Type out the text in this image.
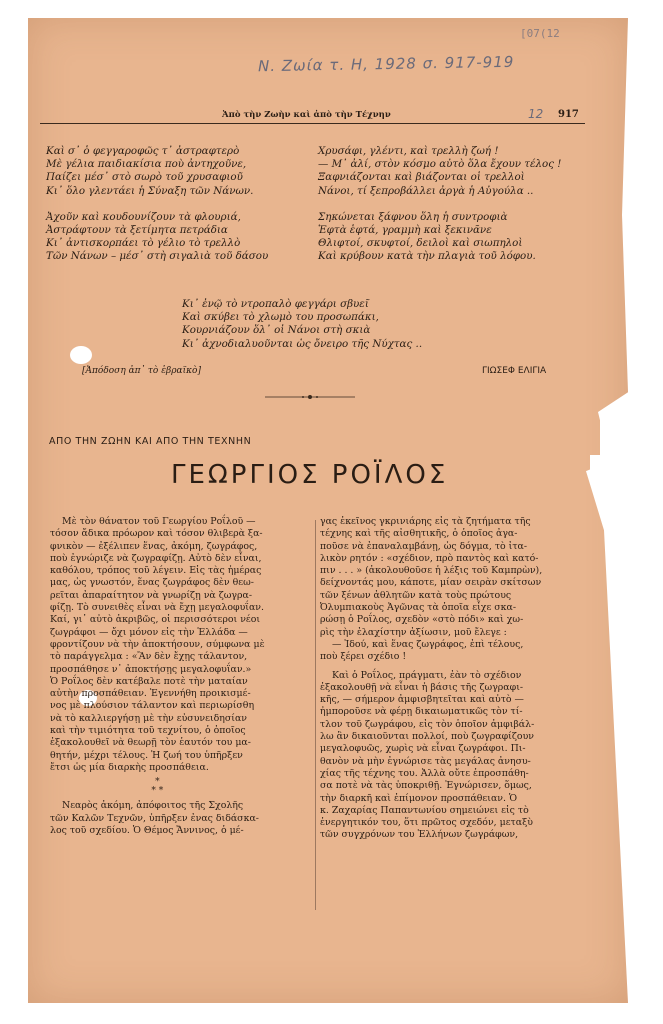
[07(12
N. Zωία τ. H, 1928 σ. 917-919
Ἀπὸ τὴν Ζωὴν καὶ ἀπὸ τὴν Τέχνην	12 917
Καὶ σ᾽ ὁ φεγγαροφῶς τ᾽ ἀστραφτερὸ
Μὲ γέλια παιδιακίσια ποὺ ἀντηχοῦνε,
Παίζει μέσ᾽ στὸ σωρὸ τοῦ χρυσαφιοῦ
Κι᾽ ὅλο γλεντάει ἡ Σύναξη τῶν Νάνων.
Ἀχοῦν καὶ κουδουνίζουν τὰ φλουριά,
Ἀστράφτουν τὰ ξετίμητα πετράδια
Κι᾽ ἀντισκορπάει τὸ γέλιο τὸ τρελλὸ
Τῶν Νάνων – μέσ᾽ στὴ σιγαλιὰ τοῦ δάσου
Χρυσάφι, γλέντι, καὶ τρελλὴ ζωή !
— Μ᾽ ἀλί, στὸν κόσμο αὐτὸ ὅλα ἔχουν τέλος !
Ξαφνιάζονται καὶ βιάζονται οἱ τρελλοὶ
Νάνοι, τί ξεπροβάλλει ἀργὰ ἡ Αὐγούλα ..
Σηκώνεται ξάφνου ὅλη ἡ συντροφιὰ
Ἑφτὰ ἑφτά, γραμμὴ καὶ ξεκινᾶνε
Θλιφτοί, σκυφτοί, δειλοὶ καὶ σιωπηλοὶ
Καὶ κρύβουν κατὰ τὴν πλαγιὰ τοῦ λόφου.
Κι᾽ ἐνῷ τὸ ντροπαλὸ φεγγάρι σβυεῖ
Καὶ σκύβει τὸ χλωμὸ του προσωπάκι,
Κουρνιάζουν ὅλ᾽ οἱ Νάνοι στὴ σκιὰ
Κι᾽ ἀχνοδιαλυοῦνται ὡς ὄνειρο τῆς Νύχτας ..
[Ἀπόδοση ἀπ᾽ τὸ ἑβραϊκὸ]	ΓΙΩΣΕΦ ΕΛΙΓΙΑ
ΑΠΟ ΤΗΝ ΖΩΗΝ ΚΑΙ ΑΠΟ ΤΗΝ ΤΕΧΝΗΝ
ΓΕΩΡΓΙΟΣ ΡΟΪΛΟΣ
Μὲ τὸν θάνατον τοῦ Γεωργίου Ροΐλοῦ —
τόσον ἄδικα πρόωρον καὶ τόσον θλιβερὰ ξα-
φνικὸν — ἐξέλιπεν ἕνας, ἀκόμη, ζωγράφος,
ποὺ ἐγνώριζε νὰ ζωγραφίζῃ. Αὐτὸ δὲν εἶναι,
καθόλου, τρόπος τοῦ λέγειν. Εἰς τὰς ἡμέρας
μας, ὡς γνωστόν, ἕνας ζωγράφος δὲν θεω-
ρεῖται ἀπαραίτητον νὰ γνωρίζῃ νὰ ζωγρα-
φίζῃ. Τὸ συνειθὲς εἶναι νὰ ἔχῃ μεγαλοφυΐαν.
Καί, γι᾽ αὐτὸ ἀκριβῶς, οἱ περισσότεροι νέοι
ζωγράφοι — ὄχι μόνον εἰς τὴν Ἑλλάδα —
φροντίζουν νὰ τὴν ἀποκτήσουν, σύμφωνα μὲ
τὸ παράγγελμα : «Ἂν δὲν ἔχῃς τάλαντον,
προσπάθησε ν᾽ ἀποκτήσῃς μεγαλοφυΐαν.»
Ὁ Ροΐλος δὲν κατέβαλε ποτὲ τὴν ματαίαν
αὐτὴν προσπάθειαν. Ἐγεννήθη προικισμέ-
νος μὲ πλούσιον τάλαντον καὶ περιωρίσθη
νὰ τὸ καλλιεργήσῃ μὲ τὴν εὐσυνειδησίαν
καὶ τὴν τιμιότητα τοῦ τεχνίτου, ὁ ὁποῖος
ἐξακολουθεῖ νὰ θεωρῇ τὸν ἑαυτόν του μα-
θητήν, μέχρι τέλους. Ἡ ζωή του ὑπῆρξεν
ἔτσι ὡς μία διαρκὴς προσπάθεια.
*
* *
Νεαρὸς ἀκόμη, ἀπόφοιτος τῆς Σχολῆς
τῶν Καλῶν Τεχνῶν, ὑπῆρξεν ἐνας διδάσκα-
λος τοῦ σχεδίου. Ὁ Θέμος Ἄννινος, ὁ μέ-
γας ἐκεῖνος γκρινιάρης εἰς τὰ ζητήματα τῆς
τέχνης καὶ τῆς αἰσθητικῆς, ὁ ὁποῖος ἀγα-
ποῦσε νὰ ἐπαναλαμβάνῃ, ὡς δόγμα, τὸ ἰτα-
λικὸν ρητόν : «σχέδιον, πρὸ παντὸς καὶ κατό-
πιν . . . » (ἀκολουθοῦσε ἡ λέξις τοῦ Καμπρὼν),
δείχνοντάς μου, κάποτε, μίαν σειρὰν σκίτσων
τῶν ξένων ἀθλητῶν κατὰ τοὺς πρώτους
Ὀλυμπιακοὺς Ἀγῶνας τὰ ὁποῖα εἶχε σκα-
ρώσῃ ὁ Ροΐλος, σχεδὸν «στὸ πόδι» καὶ χω-
ρὶς τὴν ἐλαχίστην ἀξίωσιν, μοῦ ἔλεγε :
— Ἰδού, καὶ ἕνας ζωγράφος, ἐπὶ τέλους,
ποὺ ξέρει σχέδιο !
Καὶ ὁ Ροΐλος, πράγματι, ἐὰν τὸ σχέδιον
ἐξακολουθῇ νὰ εἶναι ἡ βάσις τῆς ζωγραφι-
κῆς, — σήμερον ἀμφισβητεῖται καὶ αὐτὸ —
ἠμποροῦσε νὰ φέρῃ δικαιωματικῶς τὸν τί-
τλον τοῦ ζωγράφου, εἰς τὸν ὁποῖον ἀμφιβάλ-
λω ἂν δικαιοῦνται πολλοί, ποὺ ζωγραφίζουν
μεγαλοφυῶς, χωρὶς νὰ εἶναι ζωγράφοι. Πι-
θανὸν νὰ μὴν ἐγνώρισε τὰς μεγάλας ἀνησυ-
χίας τῆς τέχνης του. Ἀλλὰ οὔτε ἐπροσπάθη-
σα ποτὲ νὰ τὰς ὑποκριθῇ. Ἐγνώρισεν, ὅμως,
τὴν διαρκῆ καὶ ἐπίμονον προσπάθειαν. Ὁ
κ. Ζαχαρίας Παπαντωνίου σημειώνει εἰς τὸ
ἐνεργητικόν του, ὅτι πρῶτος σχεδόν, μεταξὺ
τῶν συγχρόνων του Ἑλλήνων ζωγράφων,
